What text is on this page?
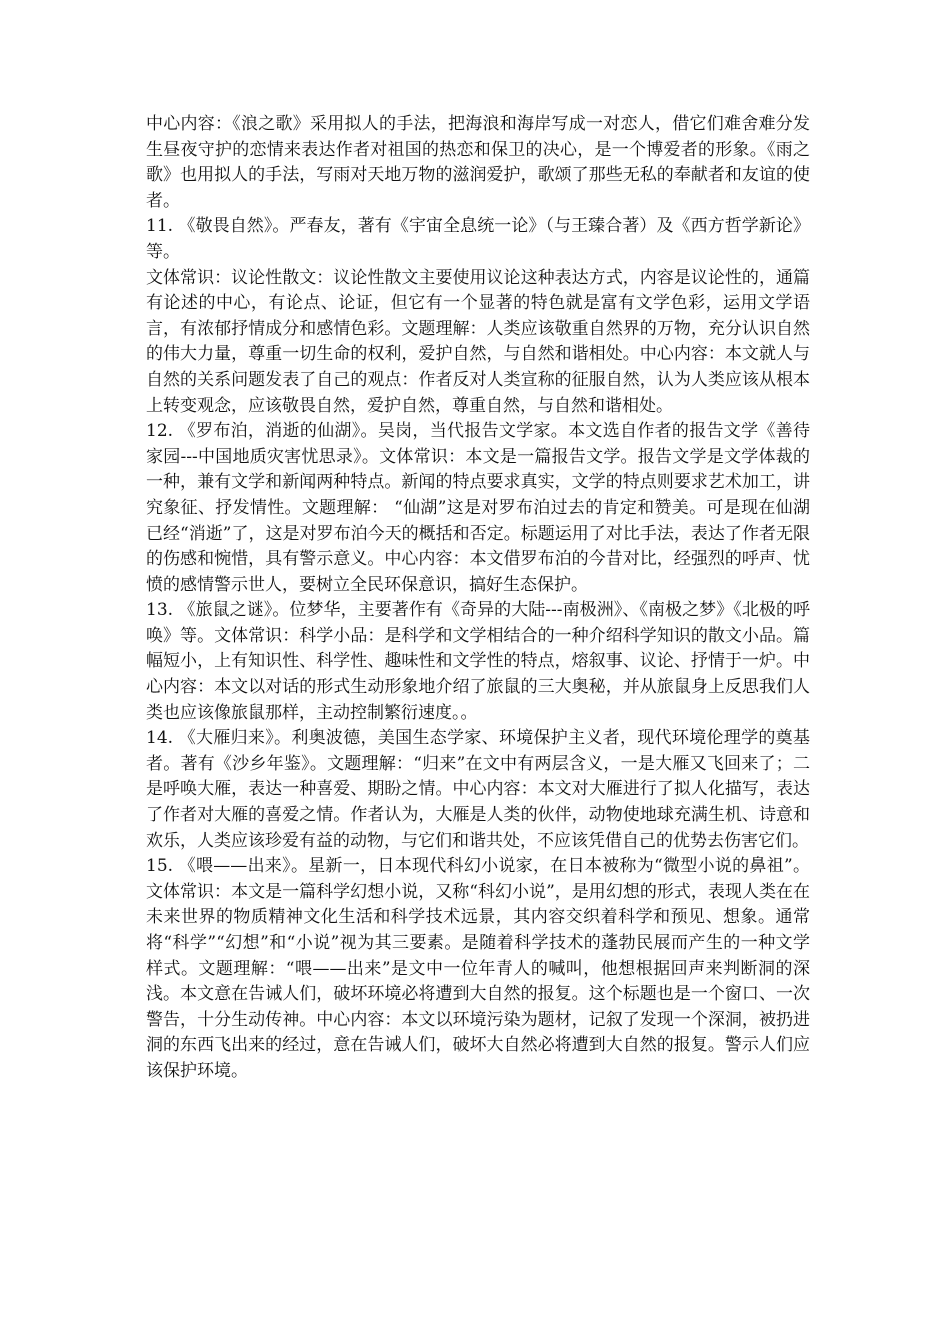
中心内容：《浪之歌》采用拟人的手法，把海浪和海岸写成一对恋人，借它们难舍难分发生昼夜守护的恋情来表达作者对祖国的热恋和保卫的决心，是一个博爱者的形象。《雨之歌》也用拟人的手法，写雨对天地万物的滋润爱护，歌颂了那些无私的奉献者和友谊的使者。

11. 《敬畏自然》。严春友，著有《宇宙全息统一论》（与王臻合著）及《西方哲学新论》等。

文体常识：议论性散文：议论性散文主要使用议论这种表达方式，内容是议论性的，通篇有论述的中心，有论点、论证，但它有一个显著的特色就是富有文学色彩，运用文学语言，有浓郁抒情成分和感情色彩。文题理解：人类应该敬重自然界的万物，充分认识自然的伟大力量，尊重一切生命的权利，爱护自然，与自然和谐相处。中心内容：本文就人与自然的关系问题发表了自己的观点：作者反对人类宣称的征服自然，认为人类应该从根本上转变观念，应该敬畏自然，爱护自然，尊重自然，与自然和谐相处。

12. 《罗布泊，消逝的仙湖》。吴岗，当代报告文学家。本文选自作者的报告文学《善待家园---中国地质灾害忧思录》。文体常识：本文是一篇报告文学。报告文学是文学体裁的一种，兼有文学和新闻两种特点。新闻的特点要求真实，文学的特点则要求艺术加工，讲究象征、抒发情性。文题理解： “仙湖”这是对罗布泊过去的肯定和赞美。可是现在仙湖已经“消逝”了，这是对罗布泊今天的概括和否定。标题运用了对比手法，表达了作者无限的伤感和惋惜，具有警示意义。中心内容：本文借罗布泊的今昔对比，经强烈的呼声、忧愤的感情警示世人，要树立全民环保意识，搞好生态保护。

13. 《旅鼠之谜》。位梦华，主要著作有《奇异的大陆---南极洲》、《南极之梦》《北极的呼唤》等。文体常识：科学小品：是科学和文学相结合的一种介绍科学知识的散文小品。篇幅短小，上有知识性、科学性、趣味性和文学性的特点，熔叙事、议论、抒情于一炉。中心内容：本文以对话的形式生动形象地介绍了旅鼠的三大奥秘，并从旅鼠身上反思我们人类也应该像旅鼠那样，主动控制繁衍速度。。

14. 《大雁归来》。利奥波德，美国生态学家、环境保护主义者，现代环境伦理学的奠基者。著有《沙乡年鉴》。文题理解：“归来”在文中有两层含义，一是大雁又飞回来了；二是呼唤大雁，表达一种喜爱、期盼之情。中心内容：本文对大雁进行了拟人化描写，表达了作者对大雁的喜爱之情。作者认为，大雁是人类的伙伴，动物使地球充满生机、诗意和欢乐，人类应该珍爱有益的动物，与它们和谐共处，不应该凭借自己的优势去伤害它们。

15. 《喂——出来》。星新一，日本现代科幻小说家，在日本被称为“微型小说的鼻祖”。文体常识：本文是一篇科学幻想小说，又称“科幻小说”，是用幻想的形式，表现人类在在未来世界的物质精神文化生活和科学技术远景，其内容交织着科学和预见、想象。通常将“科学”“幻想”和“小说”视为其三要素。是随着科学技术的蓬勃民展而产生的一种文学样式。文题理解：“喂——出来”是文中一位年青人的喊叫，他想根据回声来判断洞的深浅。本文意在告诫人们，破坏环境必将遭到大自然的报复。这个标题也是一个窗口、一次警告，十分生动传神。中心内容：本文以环境污染为题材，记叙了发现一个深洞，被扔进洞的东西飞出来的经过，意在告诫人们，破坏大自然必将遭到大自然的报复。警示人们应该保护环境。
